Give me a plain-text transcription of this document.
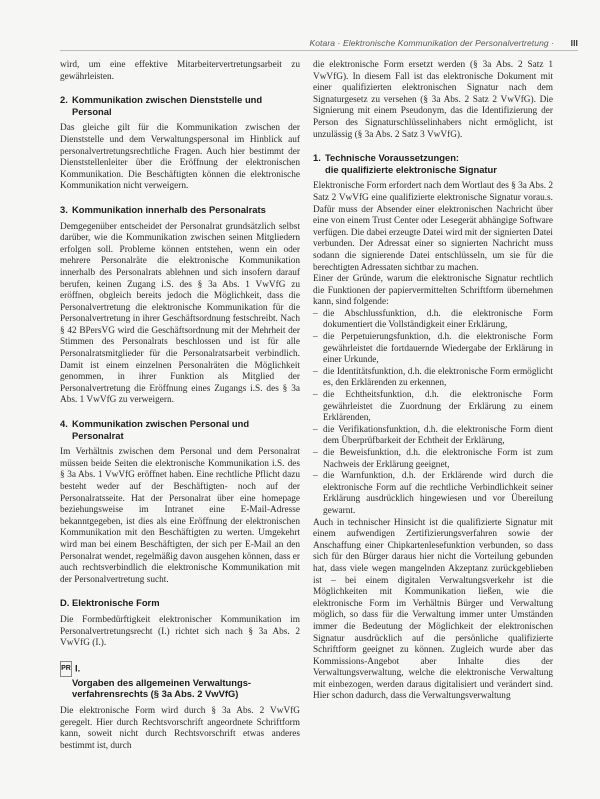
Kotara · Elektronische Kommunikation der Personalvertretung · III

wird, um eine effektive Mitarbeitervertretungsarbeit zu gewährleisten.

2. Kommunikation zwischen Dienststelle und
Personal

Das gleiche gilt für die Kommunikation zwischen der Dienststelle und dem Verwaltungspersonal im Hinblick auf personalvertretungsrechtliche Fragen. Auch hier bestimmt der Dienststellenleiter über die Eröffnung der elektronischen Kommunikation. Die Beschäftigten können die elektronische Kommunikation nicht verweigern.

3. Kommunikation innerhalb des Personalrats

Demgegenüber entscheidet der Personalrat grundsätzlich selbst darüber, wie die Kommunikation zwischen seinen Mitgliedern erfolgen soll. Probleme können entstehen, wenn ein oder mehrere Personalräte die elektronische Kommunikation innerhalb des Personalrats ablehnen und sich insofern darauf berufen, keinen Zugang i.S. des § 3a Abs. 1 VwVfG zu eröffnen, obgleich bereits jedoch die Möglichkeit, dass die Personalvertretung die elektronische Kommunikation für die Personalvertretung in ihrer Geschäftsordnung festschreibt. Nach § 42 BPersVG wird die Geschäftsordnung mit der Mehrheit der Stimmen des Personalrats beschlossen und ist für alle Personalratsmitglieder für die Personalratsarbeit verbindlich. Damit ist einem einzelnen Personalräten die Möglichkeit genommen, in ihrer Funktion als Mitglied der Personalvertretung die Eröffnung eines Zugangs i.S. des § 3a Abs. 1 VwVfG zu verweigern.

4. Kommunikation zwischen Personal und
Personalrat

Im Verhältnis zwischen dem Personal und dem Personalrat müssen beide Seiten die elektronische Kommunikation i.S. des § 3a Abs. 1 VwVfG eröffnet haben. Eine rechtliche Pflicht dazu besteht weder auf der Beschäftigten- noch auf der Personalratsseite. Hat der Personalrat über eine homepage beziehungsweise im Intranet eine E-Mail-Adresse bekanntgegeben, ist dies als eine Eröffnung der elektronischen Kommunikation mit den Beschäftigten zu werten. Umgekehrt wird man bei einem Beschäftigten, der sich per E-Mail an den Personalrat wendet, regelmäßig davon ausgehen können, dass er auch rechtsverbindlich die elektronische Kommunikation mit der Personalvertretung sucht.

D. Elektronische Form

Die Formbedürftigkeit elektronischer Kommunikation im Personalvertretungsrecht (I.) richtet sich nach § 3a Abs. 2 VwVfG (I.).

PR I.
Vorgaben des allgemeinen Verwaltungs-
verfahrensrechts (§ 3a Abs. 2 VwVfG)

Die elektronische Form wird durch § 3a Abs. 2 VwVfG geregelt. Hier durch Rechtsvorschrift angeordnete Schriftform kann, soweit nicht durch Rechtsvorschrift etwas anderes bestimmt ist, durch

die elektronische Form ersetzt werden (§ 3a Abs. 2 Satz 1 VwVfG). In diesem Fall ist das elektronische Dokument mit einer qualifizierten elektronischen Signatur nach dem Signaturgesetz zu versehen (§ 3a Abs. 2 Satz 2 VwVfG). Die Signierung mit einem Pseudonym, das die Identifizierung der Person des Signaturschlüsselinhabers nicht ermöglicht, ist unzulässig (§ 3a Abs. 2 Satz 3 VwVfG).

1. Technische Voraussetzungen:
die qualifizierte elektronische Signatur

Elektronische Form erfordert nach dem Wortlaut des § 3a Abs. 2 Satz 2 VwVfG eine qualifizierte elektronische Signatur vorau.s. Dafür muss der Absender einer elektronischen Nachricht über eine von einem Trust Center oder Lesegerät abhängige Software verfügen. Die dabei erzeugte Datei wird mit der signierten Datei verbunden. Der Adressat einer so signierten Nachricht muss sodann die signierende Datei entschlüsseln, um sie für die berechtigten Adressaten sichtbar zu machen.

Einer der Gründe, warum die elektronische Signatur rechtlich die Funktionen der papiervermittelten Schriftform übernehmen kann, sind folgende:

– die Abschlussfunktion, d.h. die elektronische Form dokumentiert die Vollständigkeit einer Erklärung,
– die Perpetuierungsfunktion, d.h. die elektronische Form gewährleistet die fortdauernde Wiedergabe der Erklärung in einer Urkunde,
– die Identitätsfunktion, d.h. die elektronische Form ermöglicht es, den Erklärenden zu erkennen,
– die Echtheitsfunktion, d.h. die elektronische Form gewährleistet die Zuordnung der Erklärung zu einem Erklärenden,
– die Verifikationsfunktion, d.h. die elektronische Form dient dem Überprüfbarkeit der Echtheit der Erklärung,
– die Beweisfunktion, d.h. die elektronische Form ist zum Nachweis der Erklärung geeignet,
– die Warnfunktion, d.h. der Erklärende wird durch die elektronische Form auf die rechtliche Verbindlichkeit seiner Erklärung ausdrücklich hingewiesen und vor Übereilung gewarnt.

Auch in technischer Hinsicht ist die qualifizierte Signatur mit einem aufwendigen Zertifizierungsverfahren sowie der Anschaffung einer Chipkartenlesefunktion verbunden, so dass sich für den Bürger daraus hier nicht die Vorteilung gebunden hat, dass viele wegen mangelnden Akzeptanz zurückgeblieben ist – bei einem digitalen Verwaltungsverkehr ist die Möglichkeiten mit Kommunikation ließen, wie die elektronische Form im Verhältnis Bürger und Verwaltung möglich, so dass für die Verwaltung immer unter Umständen immer die Bedeutung der Möglichkeit der elektronischen Signatur ausdrücklich auf die persönliche qualifizierte Schriftform geeignet zu können. Zugleich wurde aber das Kommissions-Angebot aber Inhalte dies der Verwaltungsverwaltung, welche die elektronische Verwaltung mit einbezogen, werden daraus digitalisiert und verändert sind. Hier schon dadurch, dass die Verwaltungsverwaltung
